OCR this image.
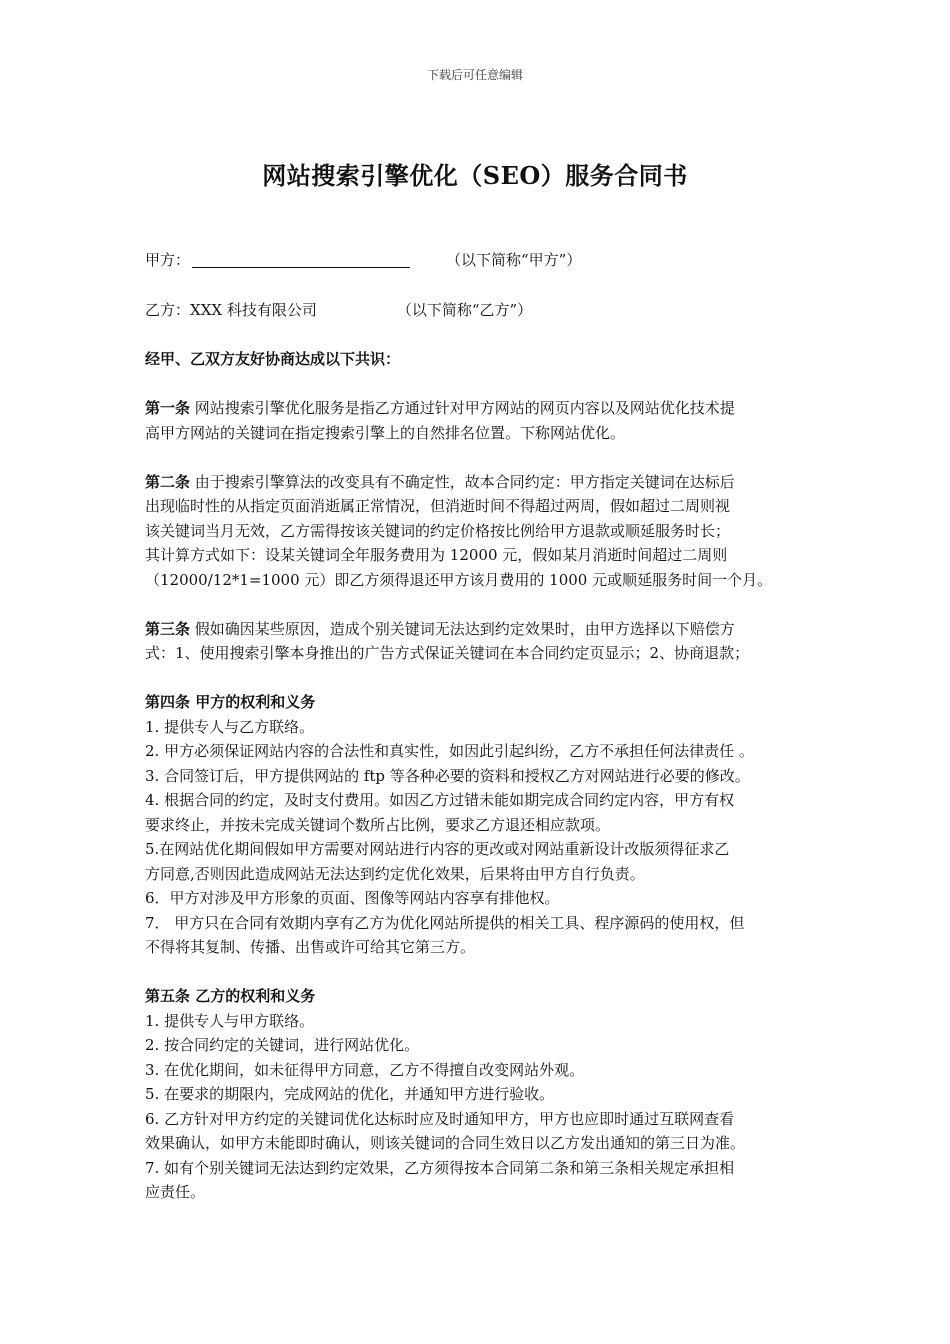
下载后可任意编辑
网站搜索引擎优化（SEO）服务合同书
甲方：	（以下简称“甲方”）
乙方：XXX 科技有限公司	（以下简称“乙方”）
经甲、乙双方友好协商达成以下共识：
第一条 网站搜索引擎优化服务是指乙方通过针对甲方网站的网页内容以及网站优化技术提
高甲方网站的关键词在指定搜索引擎上的自然排名位置。下称网站优化。
第二条 由于搜索引擎算法的改变具有不确定性，故本合同约定：甲方指定关键词在达标后
出现临时性的从指定页面消逝属正常情况，但消逝时间不得超过两周，假如超过二周则视
该关键词当月无效，乙方需得按该关键词的约定价格按比例给甲方退款或顺延服务时长；
其计算方式如下：设某关键词全年服务费用为 12000 元，假如某月消逝时间超过二周则
（12000/12*1=1000 元）即乙方须得退还甲方该月费用的 1000 元或顺延服务时间一个月。
第三条 假如确因某些原因，造成个别关键词无法达到约定效果时，由甲方选择以下赔偿方
式：1、使用搜索引擎本身推出的广告方式保证关键词在本合同约定页显示；2、协商退款；
第四条 甲方的权利和义务
1. 提供专人与乙方联络。
2. 甲方必须保证网站内容的合法性和真实性，如因此引起纠纷，乙方不承担任何法律责任 。
3. 合同签订后，甲方提供网站的 ftp 等各种必要的资料和授权乙方对网站进行必要的修改。
4. 根据合同的约定，及时支付费用。如因乙方过错未能如期完成合同约定内容，甲方有权
要求终止，并按未完成关键词个数所占比例，要求乙方退还相应款项。
5.在网站优化期间假如甲方需要对网站进行内容的更改或对网站重新设计改版须得征求乙
方同意,否则因此造成网站无法达到约定优化效果，后果将由甲方自行负责。
6．甲方对涉及甲方形象的页面、图像等网站内容享有排他权。
7． 甲方只在合同有效期内享有乙方为优化网站所提供的相关工具、程序源码的使用权，但
不得将其复制、传播、出售或许可给其它第三方。
第五条 乙方的权利和义务
1. 提供专人与甲方联络。
2. 按合同约定的关键词，进行网站优化。
3. 在优化期间，如未征得甲方同意，乙方不得擅自改变网站外观。
5. 在要求的期限内，完成网站的优化，并通知甲方进行验收。
6. 乙方针对甲方约定的关键词优化达标时应及时通知甲方，甲方也应即时通过互联网查看
效果确认，如甲方未能即时确认，则该关键词的合同生效日以乙方发出通知的第三日为准。
7. 如有个别关键词无法达到约定效果，乙方须得按本合同第二条和第三条相关规定承担相
应责任。
